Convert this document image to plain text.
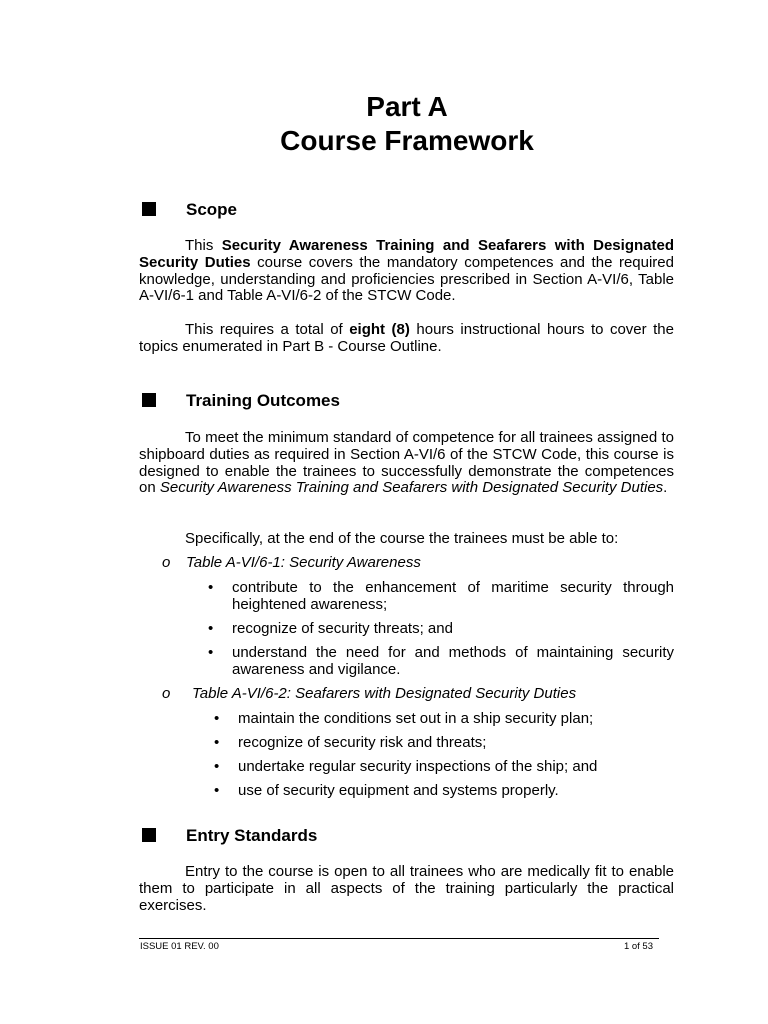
Part A
Course Framework
Scope

This Security Awareness Training and Seafarers with Designated Security Duties course covers the mandatory competences and the required knowledge, understanding and proficiencies prescribed in Section A-VI/6, Table A-VI/6-1 and Table A-VI/6-2 of the STCW Code.

This requires a total of eight (8) hours instructional hours to cover the topics enumerated in Part B - Course Outline.

Training Outcomes

To meet the minimum standard of competence for all trainees assigned to shipboard duties as required in Section A-VI/6 of the STCW Code, this course is designed to enable the trainees to successfully demonstrate the competences on Security Awareness Training and Seafarers with Designated Security Duties.

Specifically, at the end of the course the trainees must be able to:

o Table A-VI/6-1: Security Awareness

• contribute to the enhancement of maritime security through heightened awareness;

• recognize of security threats; and

• understand the need for and methods of maintaining security awareness and vigilance.

o Table A-VI/6-2: Seafarers with Designated Security Duties

• maintain the conditions set out in a ship security plan;

• recognize of security risk and threats;

• undertake regular security inspections of the ship; and

• use of security equipment and systems properly.

Entry Standards

Entry to the course is open to all trainees who are medically fit to enable them to participate in all aspects of the training particularly the practical exercises.

ISSUE 01 REV. 00	1 of 53
